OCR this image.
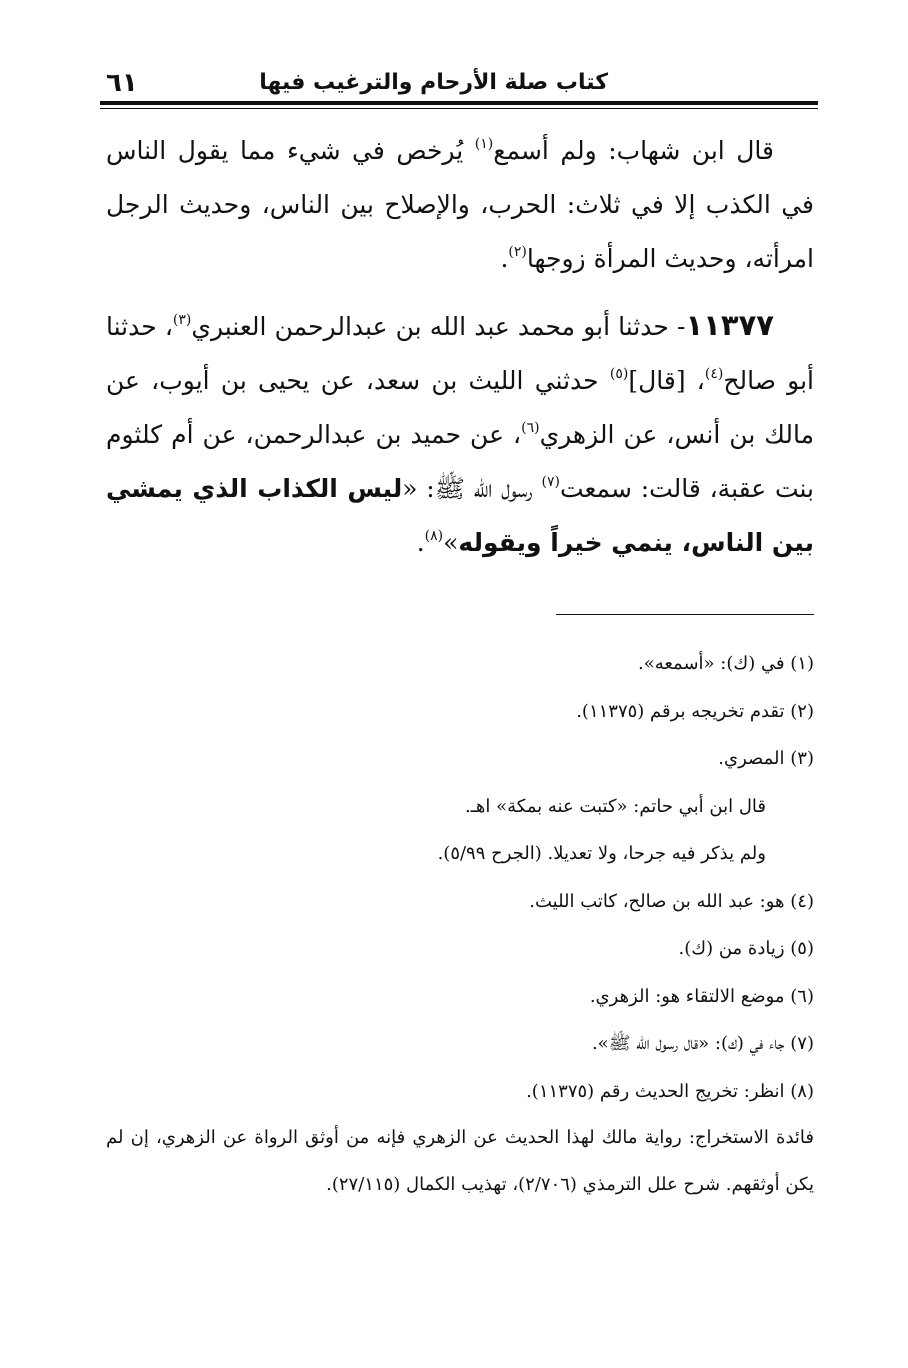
كتاب صلة الأرحام والترغيب فيها
٦١

قال ابن شهاب: ولم أسمع$^{(١)}$ يُرخص في شيء مما يقول الناس في الكذب إلا في ثلاث: الحرب، والإصلاح بين الناس، وحديث الرجل امرأته، وحديث المرأة زوجها$^{(٢)}$.

١١٣٧٧- حدثنا أبو محمد عبد الله بن عبدالرحمن العنبري$^{(٣)}$، حدثنا أبو صالح$^{(٤)}$، [قال]$^{(٥)}$ حدثني الليث بن سعد، عن يحيى بن أيوب، عن مالك بن أنس، عن الزهري$^{(٦)}$، عن حميد بن عبدالرحمن، عن أم كلثوم بنت عقبة، قالت: سمعت$^{(٧)}$ رسول الله ﷺ: «ليس الكذاب الذي يمشي بين الناس، ينمي خيراً ويقوله»$^{(٨)}$.

(١) في (ك): «أسمعه».

(٢) تقدم تخريجه برقم (١١٣٧٥).

(٣) المصري.

قال ابن أبي حاتم: «كتبت عنه بمكة» اهـ.

ولم يذكر فيه جرحا، ولا تعديلا. (الجرح ٥/٩٩).

(٤) هو: عبد الله بن صالح، كاتب الليث.

(٥) زيادة من (ك).

(٦) موضع الالتقاء هو: الزهري.

(٧) جاء في (ك): «قال رسول الله ﷺ».

(٨) انظر: تخريج الحديث رقم (١١٣٧٥).

فائدة الاستخراج: رواية مالك لهذا الحديث عن الزهري فإنه من أوثق الرواة عن الزهري، إن لم يكن أوثقهم. شرح علل الترمذي (٢/٧٠٦)، تهذيب الكمال (٢٧/١١٥).
